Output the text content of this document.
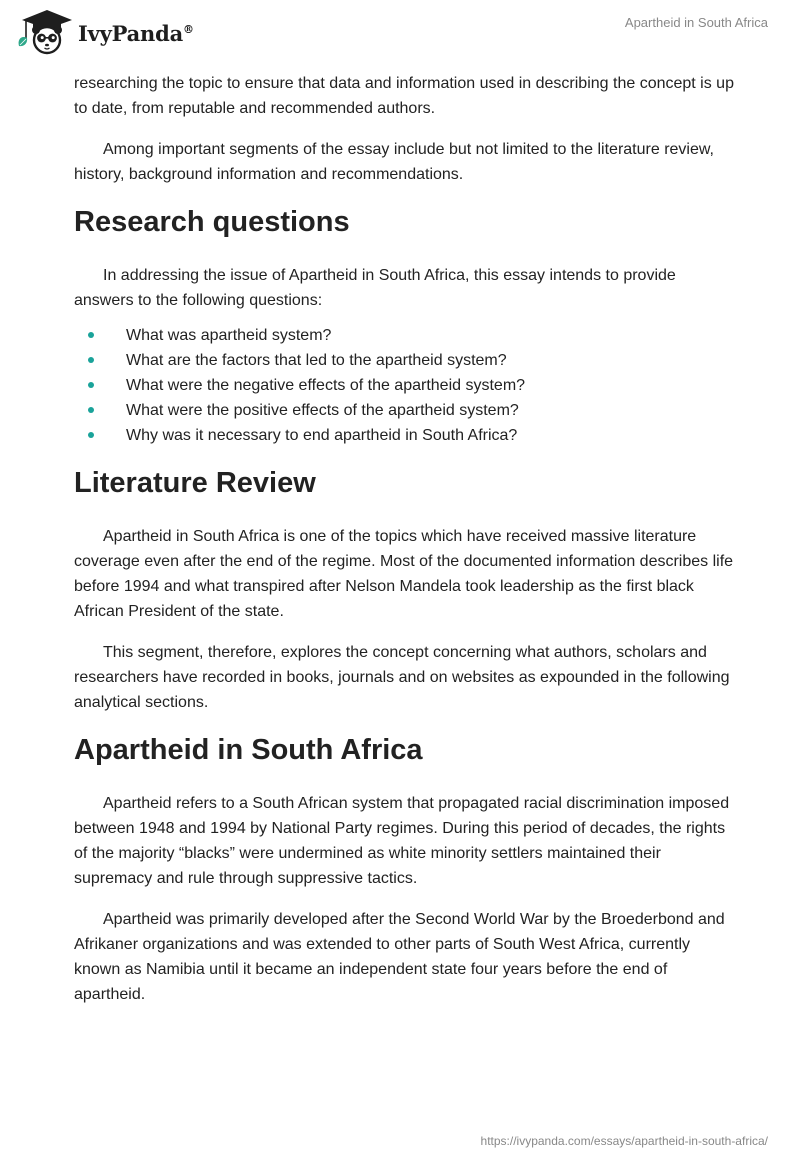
IvyPanda®	Apartheid in South Africa

researching the topic to ensure that data and information used in describing the concept is up to date, from reputable and recommended authors.

Among important segments of the essay include but not limited to the literature review, history, background information and recommendations.

Research questions

In addressing the issue of Apartheid in South Africa, this essay intends to provide answers to the following questions:

What was apartheid system?
What are the factors that led to the apartheid system?
What were the negative effects of the apartheid system?
What were the positive effects of the apartheid system?
Why was it necessary to end apartheid in South Africa?
Literature Review

Apartheid in South Africa is one of the topics which have received massive literature coverage even after the end of the regime. Most of the documented information describes life before 1994 and what transpired after Nelson Mandela took leadership as the first black African President of the state.

This segment, therefore, explores the concept concerning what authors, scholars and researchers have recorded in books, journals and on websites as expounded in the following analytical sections.

Apartheid in South Africa

Apartheid refers to a South African system that propagated racial discrimination imposed between 1948 and 1994 by National Party regimes. During this period of decades, the rights of the majority “blacks” were undermined as white minority settlers maintained their supremacy and rule through suppressive tactics.

Apartheid was primarily developed after the Second World War by the Broederbond and Afrikaner organizations and was extended to other parts of South West Africa, currently known as Namibia until it became an independent state four years before the end of apartheid.

https://ivypanda.com/essays/apartheid-in-south-africa/
